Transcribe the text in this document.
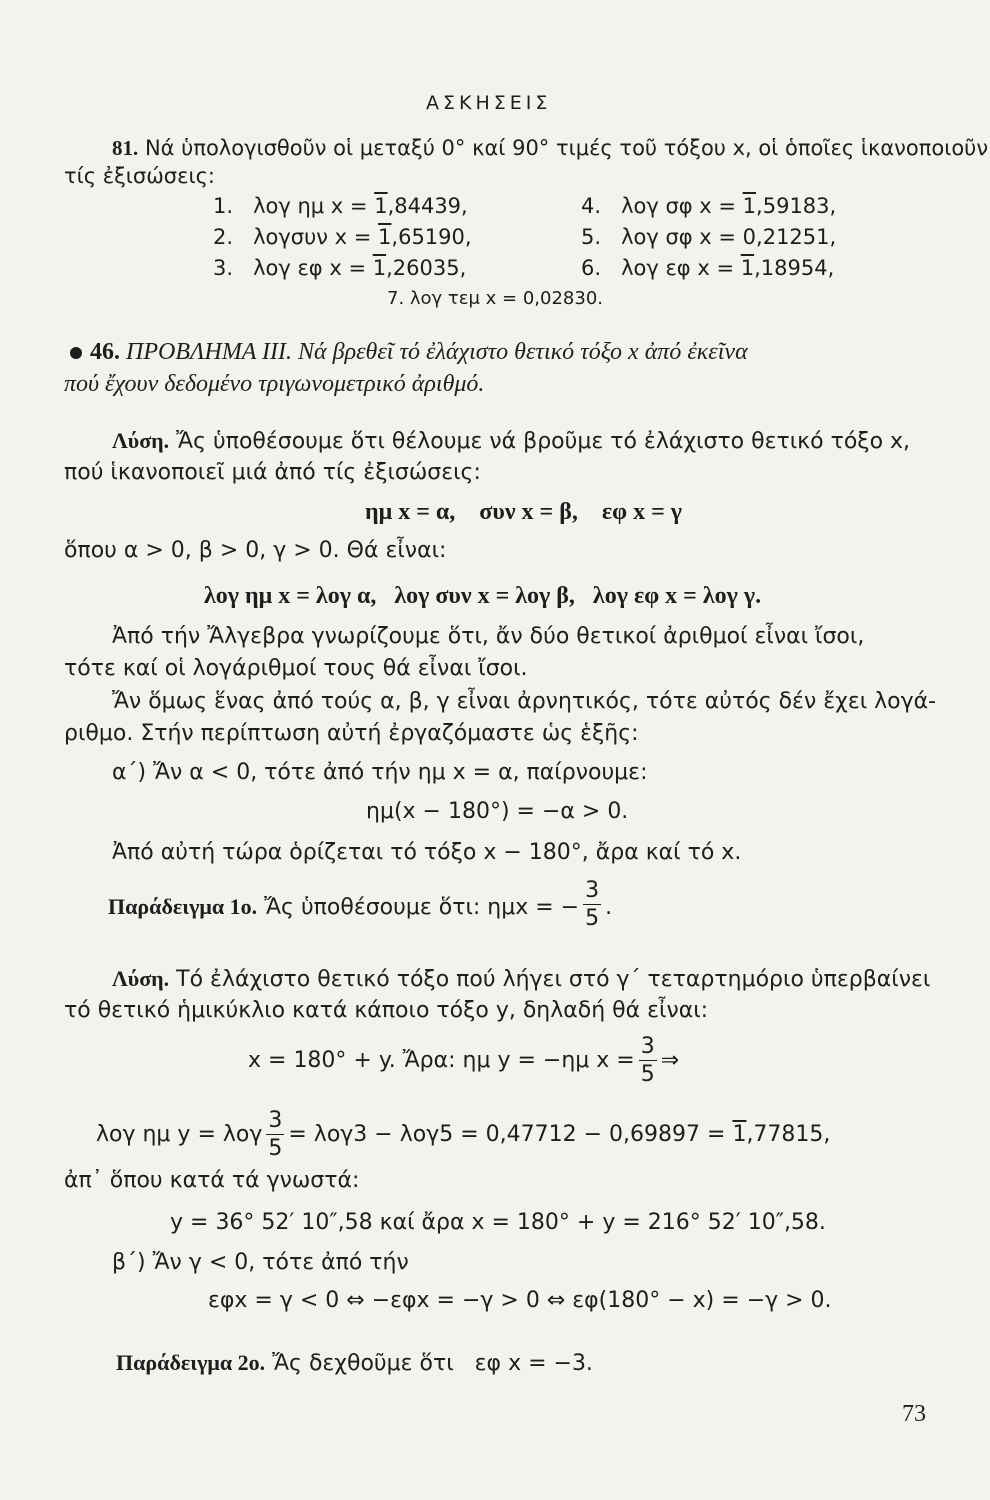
ΑΣΚΗΣΕΙΣ
81. Νά ὑπολογισθοῦν οἱ μεταξύ 0° καί 90° τιμές τοῦ τόξου x, οἱ ὁποῖες ἱκανοποιοῦν
τίς ἐξισώσεις:
1. λογ ημ x = 1,84439,	4. λογ σφ x = 1,59183,
2. λογσυν x = 1,65190,	5. λογ σφ x = 0,21251,
3. λογ εφ x = 1,26035,	6. λογ εφ x = 1,18954,
7. λογ τεμ x = 0,02830.
46. ΠΡΟΒΛΗΜΑ ΙΙΙ. Νά βρεθεῖ τό ἐλάχιστο θετικό τόξο x ἀπό ἐκεῖνα
πού ἔχουν δεδομένο τριγωνομετρικό ἀριθμό.
Λύση. Ἄς ὑποθέσουμε ὅτι θέλουμε νά βροῦμε τό ἐλάχιστο θετικό τόξο x,
πού ἱκανοποιεῖ μιά ἀπό τίς ἐξισώσεις:
ημ x = α,    συν x = β,    εφ x = γ
ὅπου α > 0, β > 0, γ > 0. Θά εἶναι:
λογ ημ x = λογ α,   λογ συν x = λογ β,   λογ εφ x = λογ γ.
Ἀπό τήν Ἄλγεβρα γνωρίζουμε ὅτι, ἄν δύο θετικοί ἀριθμοί εἶναι ἴσοι,
τότε καί οἱ λογάριθμοί τους θά εἶναι ἴσοι.
Ἄν ὅμως ἕνας ἀπό τούς α, β, γ εἶναι ἀρνητικός, τότε αὐτός δέν ἔχει λογά-
ριθμο. Στήν περίπτωση αὐτή ἐργαζόμαστε ὡς ἑξῆς:
α΄) Ἄν α < 0, τότε ἀπό τήν ημ x = α, παίρνουμε:
ημ(x − 180°) = −α > 0.
Ἀπό αὐτή τώρα ὁρίζεται τό τόξο x − 180°, ἄρα καί τό x.
Παράδειγμα 1ο. Ἄς ὑποθέσουμε ὅτι: ημx = − $\frac{3}{5}$ .
Λύση. Τό ἐλάχιστο θετικό τόξο πού λήγει στό γ΄ τεταρτημόριο ὑπερβαίνει
τό θετικό ἡμικύκλιο κατά κάποιο τόξο y, δηλαδή θά εἶναι:
x = 180° + y. Ἄρα: ημ y = −ημ $x = \frac{3}{5}$ ⇒
λογ ημ y = λογ $\frac{3}{5} = \lambda o\gamma 3 - \lambda o\gamma 5 = 0,47712 - 0,69897 = 1,77815$,
ἀπ᾿ ὅπου κατά τά γνωστά:
y = 36° 52′ 10″,58 καί ἄρα x = 180° + y = 216° 52′ 10″,58.
β΄) Ἄν γ < 0, τότε ἀπό τήν
εφx = γ < 0 ⇔ −εφx = −γ > 0 ⇔ εφ(180° − x) = −γ > 0.
Παράδειγμα 2ο. Ἄς δεχθοῦμε ὅτι   εφ x = −3.
73
